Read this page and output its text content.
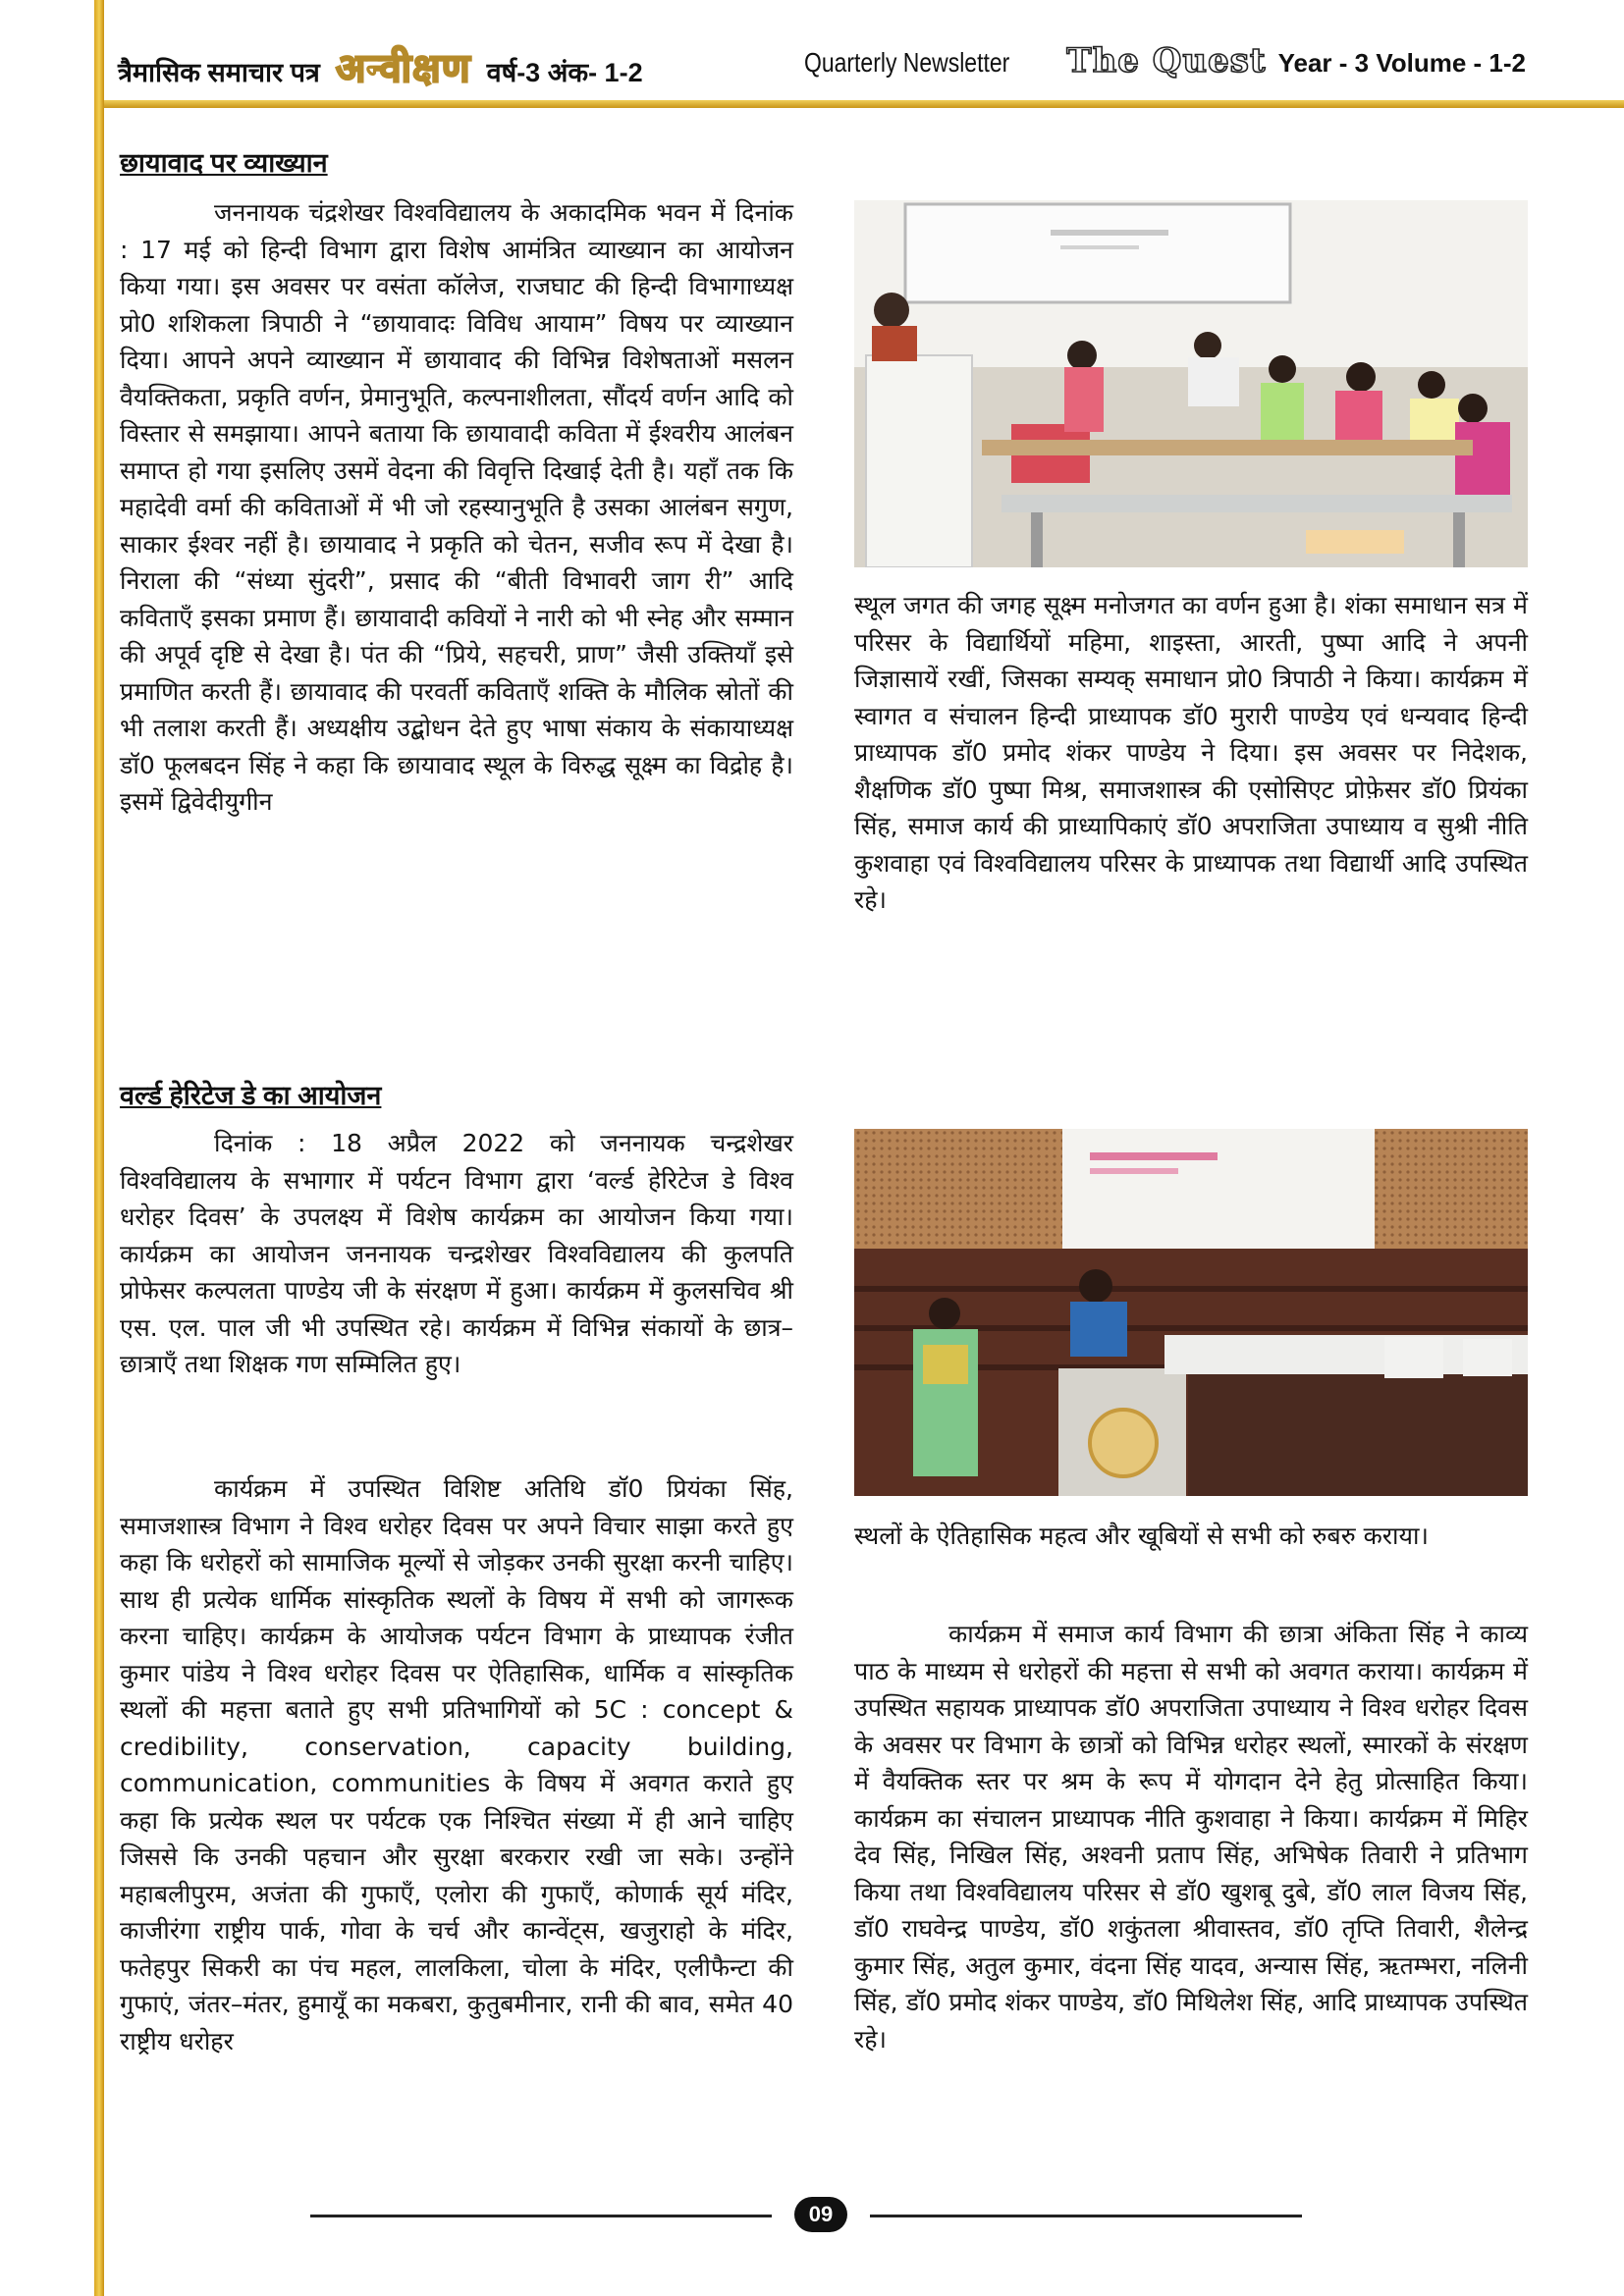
त्रैमासिक समाचार पत्र अन्वीक्षण वर्ष-3 अंक- 1-2	Quarterly Newsletter The Quest Year - 3 Volume - 1-2
छायावाद पर व्याख्यान

जननायक चंद्रशेखर विश्वविद्यालय के अकादमिक भवन में दिनांक : 17 मई को हिन्दी विभाग द्वारा विशेष आमंत्रित व्याख्यान का आयोजन किया गया। इस अवसर पर वसंता कॉलेज, राजघाट की हिन्दी विभागाध्यक्ष प्रो0 शशिकला त्रिपाठी ने “छायावादः विविध आयाम” विषय पर व्याख्यान दिया। आपने अपने व्याख्यान में छायावाद की विभिन्न विशेषताओं मसलन वैयक्तिकता, प्रकृति वर्णन, प्रेमानुभूति, कल्पनाशीलता, सौंदर्य वर्णन आदि को विस्तार से समझाया। आपने बताया कि छायावादी कविता में ईश्वरीय आलंबन समाप्त हो गया इसलिए उसमें वेदना की विवृत्ति दिखाई देती है। यहाँ तक कि महादेवी वर्मा की कविताओं में भी जो रहस्यानुभूति है उसका आलंबन सगुण, साकार ईश्वर नहीं है। छायावाद ने प्रकृति को चेतन, सजीव रूप में देखा है। निराला की “संध्या सुंदरी”, प्रसाद की “बीती विभावरी जाग री” आदि कविताएँ इसका प्रमाण हैं। छायावादी कवियों ने नारी को भी स्नेह और सम्मान की अपूर्व दृष्टि से देखा है। पंत की “प्रिये, सहचरी, प्राण” जैसी उक्तियाँ इसे प्रमाणित करती हैं। छायावाद की परवर्ती कविताएँ शक्ति के मौलिक स्रोतों की भी तलाश करती हैं। अध्यक्षीय उद्बोधन देते हुए भाषा संकाय के संकायाध्यक्ष डॉ0 फूलबदन सिंह ने कहा कि छायावाद स्थूल के विरुद्ध सूक्ष्म का विद्रोह है। इसमें द्विवेदीयुगीन

स्थूल जगत की जगह सूक्ष्म मनोजगत का वर्णन हुआ है। शंका समाधान सत्र में परिसर के विद्यार्थियों महिमा, शाइस्ता, आरती, पुष्पा आदि ने अपनी जिज्ञासायें रखीं, जिसका सम्यक् समाधान प्रो0 त्रिपाठी ने किया। कार्यक्रम में स्वागत व संचालन हिन्दी प्राध्यापक डॉ0 मुरारी पाण्डेय एवं धन्यवाद हिन्दी प्राध्यापक डॉ0 प्रमोद शंकर पाण्डेय ने दिया। इस अवसर पर निदेशक, शैक्षणिक डॉ0 पुष्पा मिश्र, समाजशास्त्र की एसोसिएट प्रोफ़ेसर डॉ0 प्रियंका सिंह, समाज कार्य की प्राध्यापिकाएं डॉ0 अपराजिता उपाध्याय व सुश्री नीति कुशवाहा एवं विश्वविद्यालय परिसर के प्राध्यापक तथा विद्यार्थी आदि उपस्थित रहे।

वर्ल्ड हेरिटेज डे का आयोजन

दिनांक : 18 अप्रैल 2022 को जननायक चन्द्रशेखर विश्वविद्यालय के सभागार में पर्यटन विभाग द्वारा ‘वर्ल्ड हेरिटेज डे विश्व धरोहर दिवस’ के उपलक्ष्य में विशेष कार्यक्रम का आयोजन किया गया। कार्यक्रम का आयोजन जननायक चन्द्रशेखर विश्वविद्यालय की कुलपति प्रोफेसर कल्पलता पाण्डेय जी के संरक्षण में हुआ। कार्यक्रम में कुलसचिव श्री एस. एल. पाल जी भी उपस्थित रहे। कार्यक्रम में विभिन्न संकायों के छात्र–छात्राएँ तथा शिक्षक गण सम्मिलित हुए।

कार्यक्रम में उपस्थित विशिष्ट अतिथि डॉ0 प्रियंका सिंह, समाजशास्त्र विभाग ने विश्व धरोहर दिवस पर अपने विचार साझा करते हुए कहा कि धरोहरों को सामाजिक मूल्यों से जोड़कर उनकी सुरक्षा करनी चाहिए। साथ ही प्रत्येक धार्मिक सांस्कृतिक स्थलों के विषय में सभी को जागरूक करना चाहिए। कार्यक्रम के आयोजक पर्यटन विभाग के प्राध्यापक रंजीत कुमार पांडेय ने विश्व धरोहर दिवस पर ऐतिहासिक, धार्मिक व सांस्कृतिक स्थलों की महत्ता बताते हुए सभी प्रतिभागियों को 5C : concept & credibility, conservation, capacity building, communication, communities के विषय में अवगत कराते हुए कहा कि प्रत्येक स्थल पर पर्यटक एक निश्चित संख्या में ही आने चाहिए जिससे कि उनकी पहचान और सुरक्षा बरकरार रखी जा सके। उन्होंने महाबलीपुरम, अजंता की गुफाएँ, एलोरा की गुफाएँ, कोणार्क सूर्य मंदिर, काजीरंगा राष्ट्रीय पार्क, गोवा के चर्च और कान्वेंट्स, खजुराहो के मंदिर, फतेहपुर सिकरी का पंच महल, लालकिला, चोला के मंदिर, एलीफैन्टा की गुफाएं, जंतर–मंतर, हुमायूँ का मकबरा, कुतुबमीनार, रानी की बाव, समेत 40 राष्ट्रीय धरोहर

स्थलों के ऐतिहासिक महत्व और खूबियों से सभी को रुबरु कराया।

कार्यक्रम में समाज कार्य विभाग की छात्रा अंकिता सिंह ने काव्य पाठ के माध्यम से धरोहरों की महत्ता से सभी को अवगत कराया। कार्यक्रम में उपस्थित सहायक प्राध्यापक डॉ0 अपराजिता उपाध्याय ने विश्व धरोहर दिवस के अवसर पर विभाग के छात्रों को विभिन्न धरोहर स्थलों, स्मारकों के संरक्षण में वैयक्तिक स्तर पर श्रम के रूप में योगदान देने हेतु प्रोत्साहित किया। कार्यक्रम का संचालन प्राध्यापक नीति कुशवाहा ने किया। कार्यक्रम में मिहिर देव सिंह, निखिल सिंह, अश्वनी प्रताप सिंह, अभिषेक तिवारी ने प्रतिभाग किया तथा विश्वविद्यालय परिसर से डॉ0 खुशबू दुबे, डॉ0 लाल विजय सिंह, डॉ0 राघवेन्द्र पाण्डेय, डॉ0 शकुंतला श्रीवास्तव, डॉ0 तृप्ति तिवारी, शैलेन्द्र कुमार सिंह, अतुल कुमार, वंदना सिंह यादव, अन्यास सिंह, ऋतम्भरा, नलिनी सिंह, डॉ0 प्रमोद शंकर पाण्डेय, डॉ0 मिथिलेश सिंह, आदि प्राध्यापक उपस्थित रहे।

09
